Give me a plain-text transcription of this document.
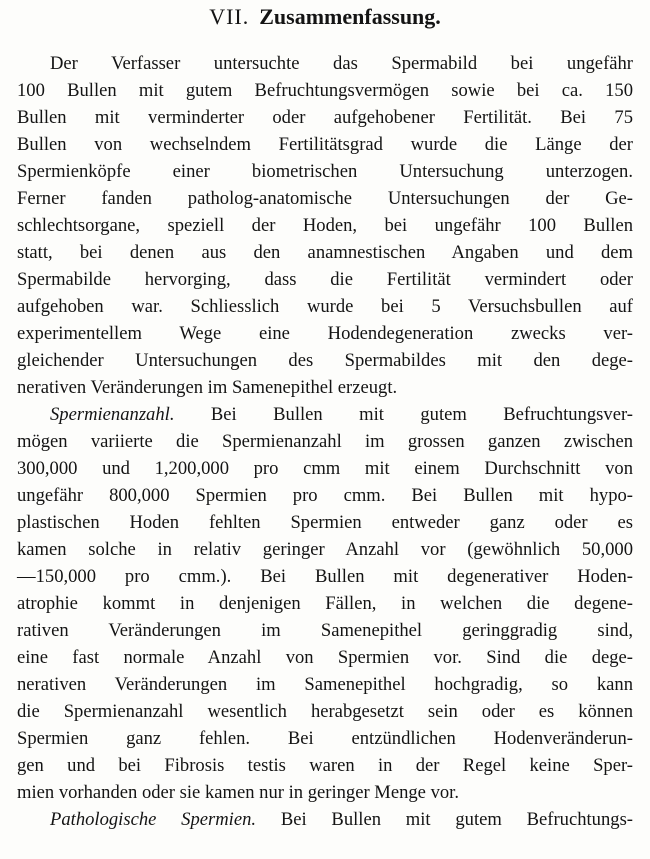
VII. Zusammenfassung.
Der Verfasser untersuchte das Spermabild bei ungefähr
100 Bullen mit gutem Befruchtungsvermögen sowie bei ca. 150
Bullen mit verminderter oder aufgehobener Fertilität. Bei 75
Bullen von wechselndem Fertilitätsgrad wurde die Länge der
Spermienköpfe einer biometrischen Untersuchung unterzogen.
Ferner fanden patholog-anatomische Untersuchungen der Ge-
schlechtsorgane, speziell der Hoden, bei ungefähr 100 Bullen
statt, bei denen aus den anamnestischen Angaben und dem
Spermabilde hervorging, dass die Fertilität vermindert oder
aufgehoben war. Schliesslich wurde bei 5 Versuchsbullen auf
experimentellem Wege eine Hodendegeneration zwecks ver-
gleichender Untersuchungen des Spermabildes mit den dege-
nerativen Veränderungen im Samenepithel erzeugt.
Spermienanzahl. Bei Bullen mit gutem Befruchtungsver-
mögen variierte die Spermienanzahl im grossen ganzen zwischen
300,000 und 1,200,000 pro cmm mit einem Durchschnitt von
ungefähr 800,000 Spermien pro cmm. Bei Bullen mit hypo-
plastischen Hoden fehlten Spermien entweder ganz oder es
kamen solche in relativ geringer Anzahl vor (gewöhnlich 50,000
—150,000 pro cmm.). Bei Bullen mit degenerativer Hoden-
atrophie kommt in denjenigen Fällen, in welchen die degene-
rativen Veränderungen im Samenepithel geringgradig sind,
eine fast normale Anzahl von Spermien vor. Sind die dege-
nerativen Veränderungen im Samenepithel hochgradig, so kann
die Spermienanzahl wesentlich herabgesetzt sein oder es können
Spermien ganz fehlen. Bei entzündlichen Hodenveränderun-
gen und bei Fibrosis testis waren in der Regel keine Sper-
mien vorhanden oder sie kamen nur in geringer Menge vor.
Pathologische Spermien. Bei Bullen mit gutem Befruchtungs-
